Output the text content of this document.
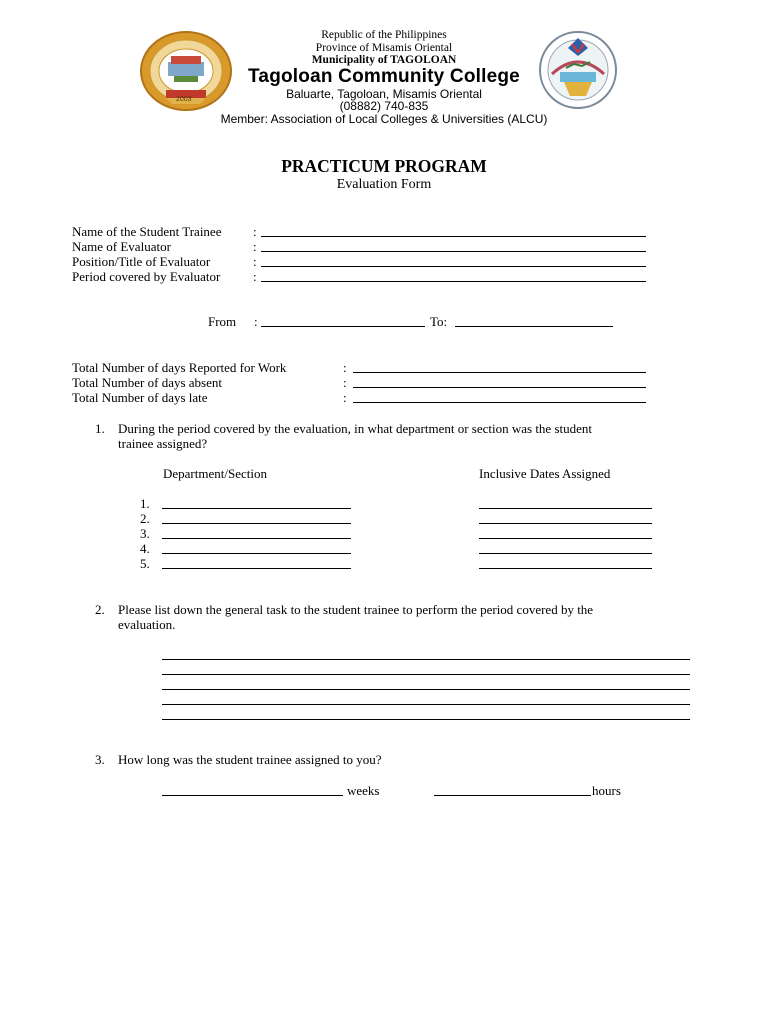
2003
Republic of the Philippines
Province of Misamis Oriental
Municipality of TAGOLOAN
Tagoloan Community College
Baluarte, Tagoloan, Misamis Oriental
(08882) 740-835
Member: Association of Local Colleges & Universities (ALCU)
PRACTICUM PROGRAM
Evaluation Form
Name of the Student Trainee :
Name of Evaluator	:
Position/Title of Evaluator	:
Period covered by Evaluator	:
From :	To:
Total Number of days Reported for Work	:
Total Number of days absent	:
Total Number of days late	:
1. During the period covered by the evaluation, in what department or section was the student
trainee assigned?
Department/Section	Inclusive Dates Assigned
1.
2.
3.
4.
5.
2. Please list down the general task to the student trainee to perform the period covered by the
evaluation.
3. How long was the student trainee assigned to you?
weeks	hours
